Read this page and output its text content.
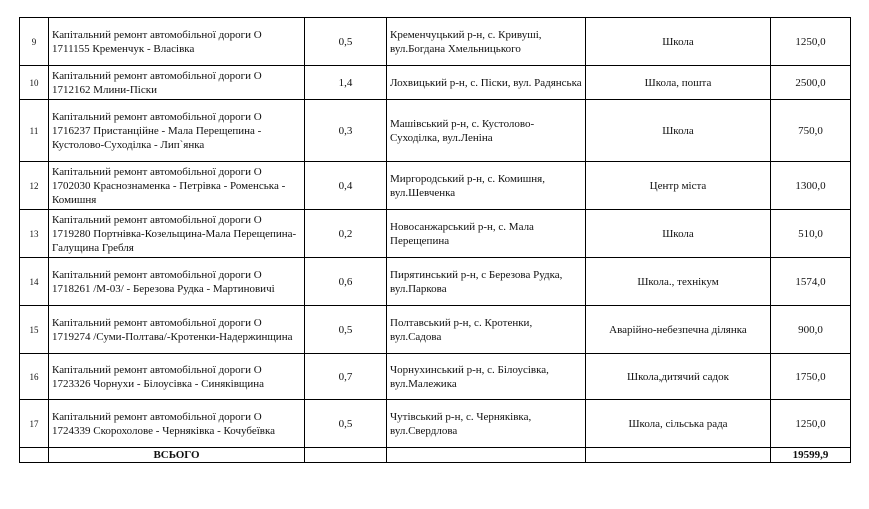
9	Капітальний ремонт автомобільної дороги О 1711155 Кременчук - Власівка	0,5	Кременчуцький р-н, с. Кривуші, вул.Богдана Хмельницького	Школа	1250,0
10	Капітальний ремонт автомобільної дороги О 1712162 Млини-Піски	1,4	Лохвицький р-н, с. Піски, вул. Радянська	Школа, пошта	2500,0
11	Капітальний ремонт автомобільної дороги О 1716237 Пристанційне - Мала Перещепина - Кустолово-Суходілка - Лип`янка	0,3	Машівський р-н, с. Кустолово-Суходілка, вул.Леніна	Школа	750,0
12	Капітальний ремонт автомобільної дороги О 1702030 Краснознаменка - Петрівка - Роменська - Комишня	0,4	Миргородський р-н, с. Комишня, вул.Шевченка	Центр міста	1300,0
13	Капітальний ремонт автомобільної дороги О 1719280 Портнівка-Козельщина-Мала Перещепина-Галущина Гребля	0,2	Новосанжарський р-н, с. Мала Перещепина	Школа	510,0
14	Капітальний ремонт автомобільної дороги О 1718261 /М-03/ - Березова Рудка - Мартиновичі	0,6	Пирятинський р-н, с Березова Рудка, вул.Паркова	Школа., технікум	1574,0
15	Капітальний ремонт автомобільної дороги О 1719274 /Суми-Полтава/-Кротенки-Надержинщина	0,5	Полтавський р-н, с. Кротенки, вул.Садова	Аварійно-небезпечна ділянка	900,0
16	Капітальний ремонт автомобільної дороги О 1723326 Чорнухи - Білоусівка - Синяківщина	0,7	Чорнухинський р-н, с. Білоусівка, вул.Малежика	Школа,дитячий садок	1750,0
17	Капітальний ремонт автомобільної дороги О 1724339 Скорохолове - Черняківка - Кочубеївка	0,5	Чутівський р-н, с. Черняківка, вул.Свердлова	Школа, сільська рада	1250,0
	ВСЬОГО				19599,9
